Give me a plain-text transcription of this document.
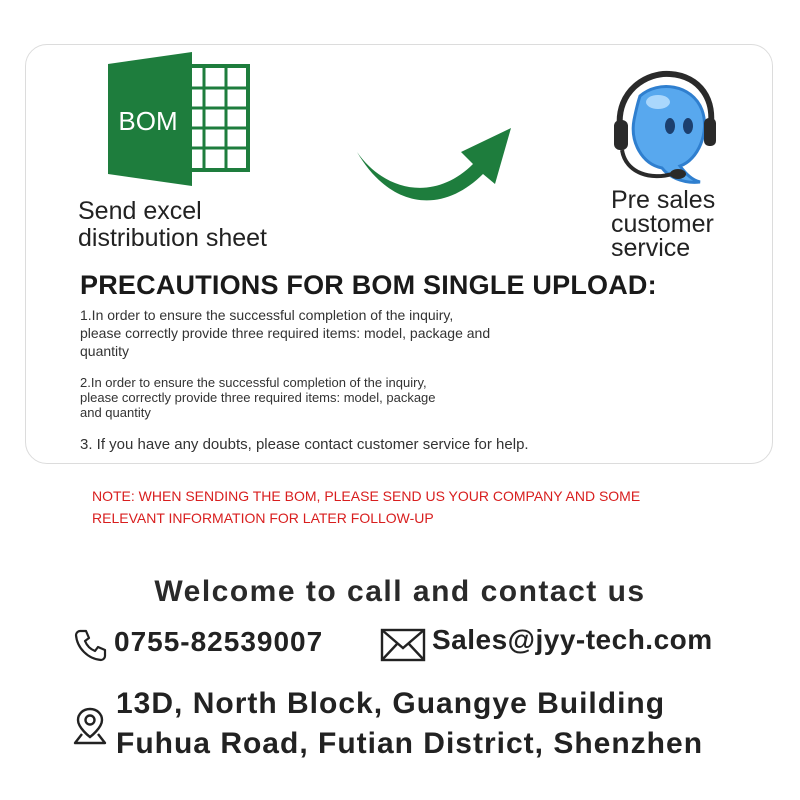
BOM
Send excel
distribution sheet
Pre sales
customer
service
PRECAUTIONS FOR BOM SINGLE UPLOAD:
1.In order to ensure the successful completion of the inquiry,
please correctly provide three required items: model, package and
quantity
2.In order to ensure the successful completion of the inquiry,
please correctly provide three required items: model, package
and quantity
3. If you have any doubts, please contact customer service for help.
NOTE: WHEN SENDING THE BOM, PLEASE SEND US YOUR COMPANY AND SOME
RELEVANT INFORMATION FOR LATER FOLLOW-UP
Welcome to call and contact us
0755-82539007	Sales@jyy-tech.com
13D, North Block, Guangye Building
Fuhua Road, Futian District, Shenzhen
